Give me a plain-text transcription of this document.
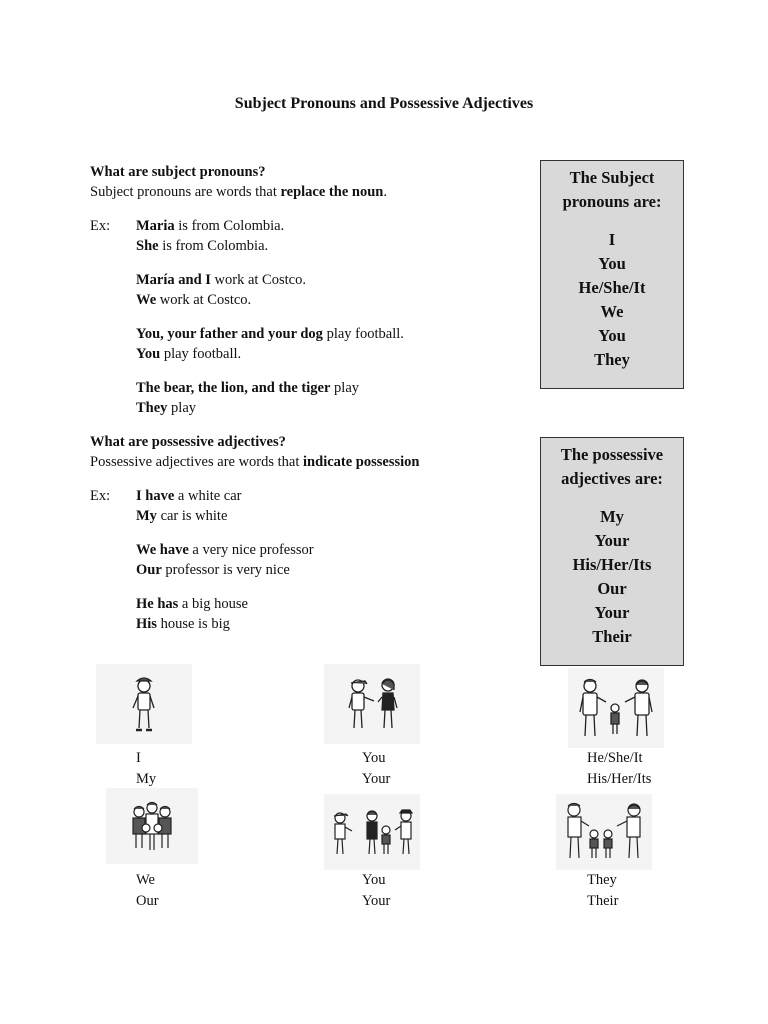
Subject Pronouns and Possessive Adjectives
What are subject pronouns?
Subject pronouns are words that replace the noun.
Ex: Maria is from Colombia.
She is from Colombia.
María and I work at Costco.
We work at Costco.
You, your father and your dog play football.
You play football.
The bear, the lion, and the tiger play
They play
What are possessive adjectives?
Possessive adjectives are words that indicate possession
Ex: I have a white car
My car is white
We have a very nice professor
Our professor is very nice
He has a big house
His house is big
The Subject
pronouns are:
I
You
He/She/It
We
You
They
The possessive
adjectives are:
My
Your
His/Her/Its
Our
Your
Their
I
My
You
Your
He/She/It
His/Her/Its
We
Our
You
Your
They
Their
